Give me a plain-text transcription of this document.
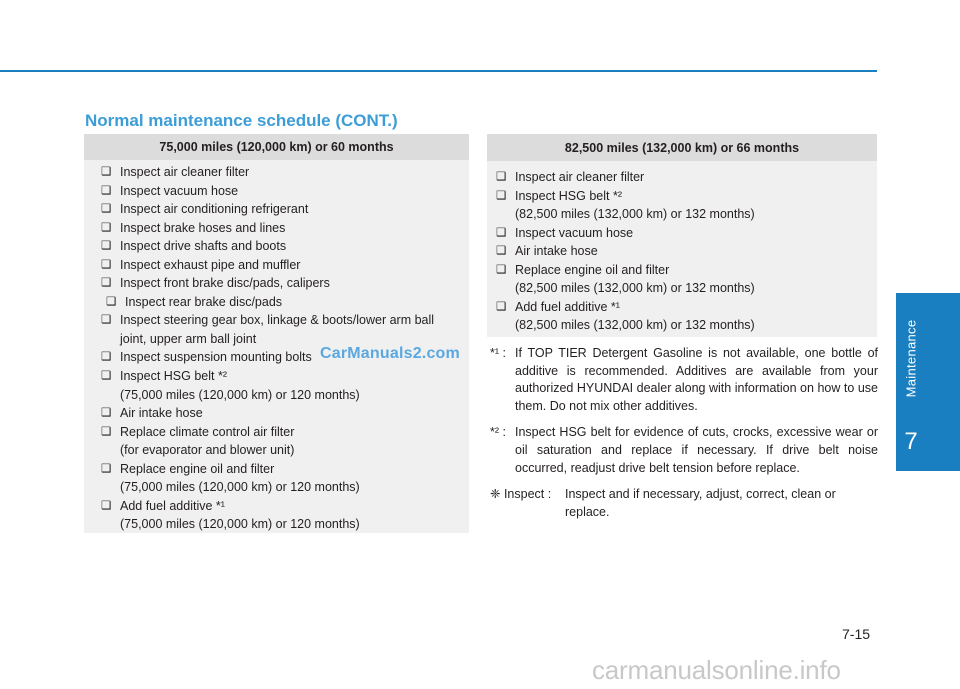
Maintenance
7
Normal maintenance schedule (CONT.)
75,000 miles (120,000 km) or 60 months
❑ Inspect air cleaner filter
❑ Inspect vacuum hose
❑ Inspect air conditioning refrigerant
❑ Inspect brake hoses and lines
❑ Inspect drive shafts and boots
❑ Inspect exhaust pipe and muffler
❑ Inspect front brake disc/pads, calipers
❑ Inspect rear brake disc/pads
❑ Inspect steering gear box, linkage & boots/lower arm ball
joint, upper arm ball joint
❑ Inspect suspension mounting bolts
❑ Inspect HSG belt *²
(75,000 miles (120,000 km) or 120 months)
❑ Air intake hose
❑ Replace climate control air filter
(for evaporator and blower unit)
❑ Replace engine oil and filter
(75,000 miles (120,000 km) or 120 months)
❑ Add fuel additive *¹
(75,000 miles (120,000 km) or 120 months)
82,500 miles (132,000 km) or 66 months
❑ Inspect air cleaner filter
❑ Inspect HSG belt *²
(82,500 miles (132,000 km) or 132 months)
❑ Inspect vacuum hose
❑ Air intake hose
❑ Replace engine oil and filter
(82,500 miles (132,000 km) or 132 months)
❑ Add fuel additive *¹
(82,500 miles (132,000 km) or 132 months)
*¹ : If TOP TIER Detergent Gasoline is not available, one bottle of additive is recommended. Additives are available from your authorized HYUNDAI dealer along with information on how to use them. Do not mix other additives.
*² : Inspect HSG belt for evidence of cuts, crocks, excessive wear or oil saturation and replace if necessary. If drive belt noise occurred, readjust drive belt tension before replace.
❈ Inspect :	Inspect and if necessary, adjust, correct, clean or
replace.
CarManuals2.com
7-15
carmanualsonline.info
